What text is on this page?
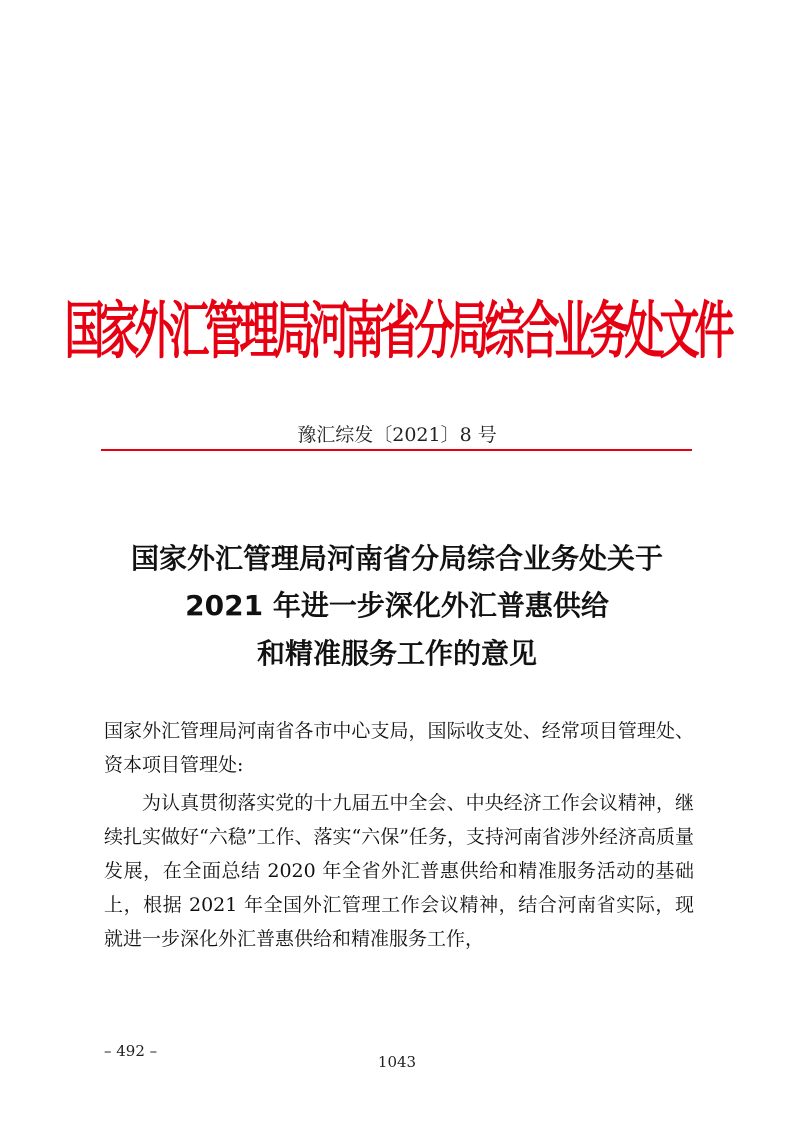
国家外汇管理局河南省分局综合业务处文件
豫汇综发〔2021〕8 号
国家外汇管理局河南省分局综合业务处关于
2021 年进一步深化外汇普惠供给
和精准服务工作的意见
国家外汇管理局河南省各市中心支局，国际收支处、经常项目管理处、资本项目管理处:
为认真贯彻落实党的十九届五中全会、中央经济工作会议精神，继续扎实做好“六稳”工作、落实“六保”任务，支持河南省涉外经济高质量发展，在全面总结 2020 年全省外汇普惠供给和精准服务活动的基础上，根据 2021 年全国外汇管理工作会议精神，结合河南省实际，现就进一步深化外汇普惠供给和精准服务工作，
– 492 –
1043
